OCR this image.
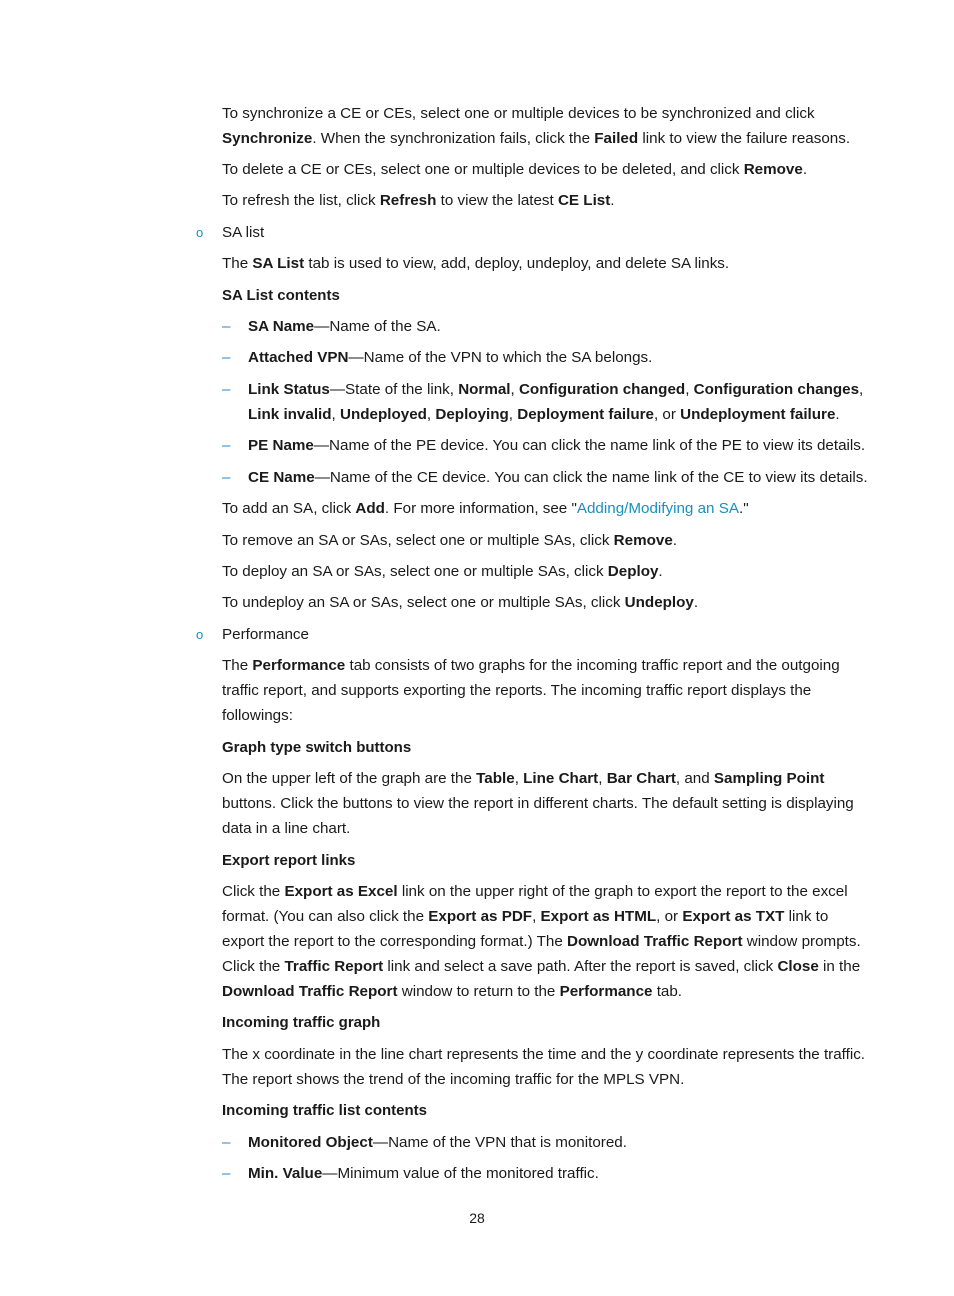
To synchronize a CE or CEs, select one or multiple devices to be synchronized and click Synchronize. When the synchronization fails, click the Failed link to view the failure reasons.

To delete a CE or CEs, select one or multiple devices to be deleted, and click Remove.

To refresh the list, click Refresh to view the latest CE List.

o SA list

The SA List tab is used to view, add, deploy, undeploy, and delete SA links.

SA List contents

– SA Name—Name of the SA.

– Attached VPN—Name of the VPN to which the SA belongs.

– Link Status—State of the link, Normal, Configuration changed, Configuration changes, Link invalid, Undeployed, Deploying, Deployment failure, or Undeployment failure.

– PE Name—Name of the PE device. You can click the name link of the PE to view its details.

– CE Name—Name of the CE device. You can click the name link of the CE to view its details.

To add an SA, click Add. For more information, see "Adding/Modifying an SA."

To remove an SA or SAs, select one or multiple SAs, click Remove.

To deploy an SA or SAs, select one or multiple SAs, click Deploy.

To undeploy an SA or SAs, select one or multiple SAs, click Undeploy.

o Performance

The Performance tab consists of two graphs for the incoming traffic report and the outgoing traffic report, and supports exporting the reports. The incoming traffic report displays the followings:

Graph type switch buttons

On the upper left of the graph are the Table, Line Chart, Bar Chart, and Sampling Point buttons. Click the buttons to view the report in different charts. The default setting is displaying data in a line chart.

Export report links

Click the Export as Excel link on the upper right of the graph to export the report to the excel format. (You can also click the Export as PDF, Export as HTML, or Export as TXT link to export the report to the corresponding format.) The Download Traffic Report window prompts. Click the Traffic Report link and select a save path. After the report is saved, click Close in the Download Traffic Report window to return to the Performance tab.

Incoming traffic graph

The x coordinate in the line chart represents the time and the y coordinate represents the traffic. The report shows the trend of the incoming traffic for the MPLS VPN.

Incoming traffic list contents

– Monitored Object—Name of the VPN that is monitored.

– Min. Value—Minimum value of the monitored traffic.

28
